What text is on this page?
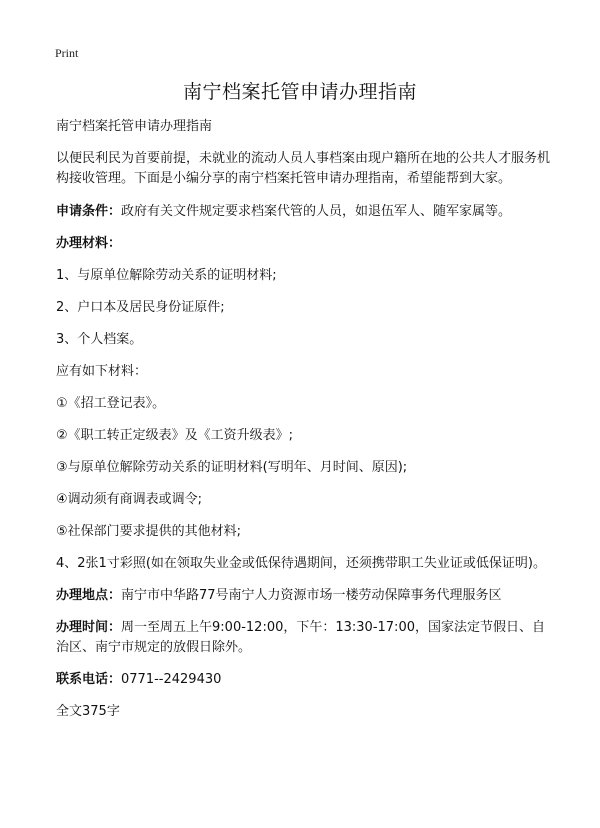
Print
南宁档案托管申请办理指南

南宁档案托管申请办理指南

以便民利民为首要前提，未就业的流动人员人事档案由现户籍所在地的公共人才服务机构接收管理。下面是小编分享的南宁档案托管申请办理指南，希望能帮到大家。

申请条件：政府有关文件规定要求档案代管的人员，如退伍军人、随军家属等。

办理材料：

1、与原单位解除劳动关系的证明材料;

2、户口本及居民身份证原件;

3、个人档案。

应有如下材料：

①《招工登记表》。

②《职工转正定级表》及《工资升级表》;

③与原单位解除劳动关系的证明材料(写明年、月时间、原因);

④调动须有商调表或调令;

⑤社保部门要求提供的其他材料;

4、2张1寸彩照(如在领取失业金或低保待遇期间，还须携带职工失业证或低保证明)。

办理地点：南宁市中华路77号南宁人力资源市场一楼劳动保障事务代理服务区

办理时间：周一至周五上午9:00-12:00，下午：13:30-17:00，国家法定节假日、自治区、南宁市规定的放假日除外。

联系电话：0771--2429430

全文375字
